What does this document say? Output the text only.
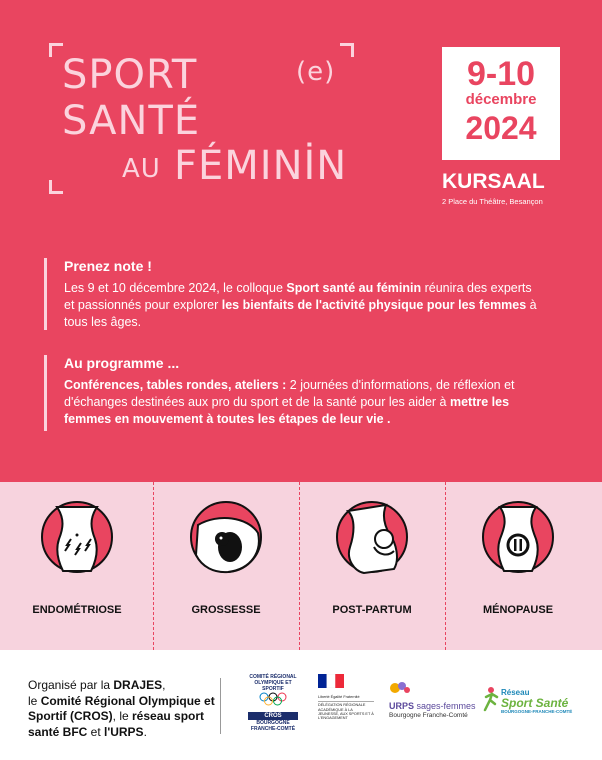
SPORT	(e)
SANTÉ
AU FÉMINİN
9-10
décembre
2024
KURSAAL
2 Place du Théâtre, Besançon
Prenez note !
Les 9 et 10 décembre 2024, le colloque Sport santé au féminin réunira des experts et passionnés pour explorer les bienfaits de l'activité physique pour les femmes à tous les âges.
Au programme ...
Conférences, tables rondes, ateliers : 2 journées d'informations, de réflexion et d'échanges destinées aux pro du sport et de la santé pour les aider à mettre les femmes en mouvement à toutes les étapes de leur vie .
ENDOMÉTRIOSE	GROSSESSE	POST-PARTUM	MÉNOPAUSE
Organisé par la DRAJES,
le Comité Régional Olympique et Sportif (CROS), le réseau sport santé BFC et l'URPS.
COMITÉ RÉGIONAL OLYMPIQUE ET SPORTIF
CROS
BOURGOGNE
FRANCHE-COMTÉ
Liberté Égalité Fraternité
DÉLÉGATION RÉGIONALE ACADÉMIQUE À LA JEUNESSE, AUX SPORTS ET À L'ENGAGEMENT
URPS sages-femmes
Bourgogne Franche-Comté
Réseau
Sport Santé
BOURGOGNE-FRANCHE-COMTÉ
